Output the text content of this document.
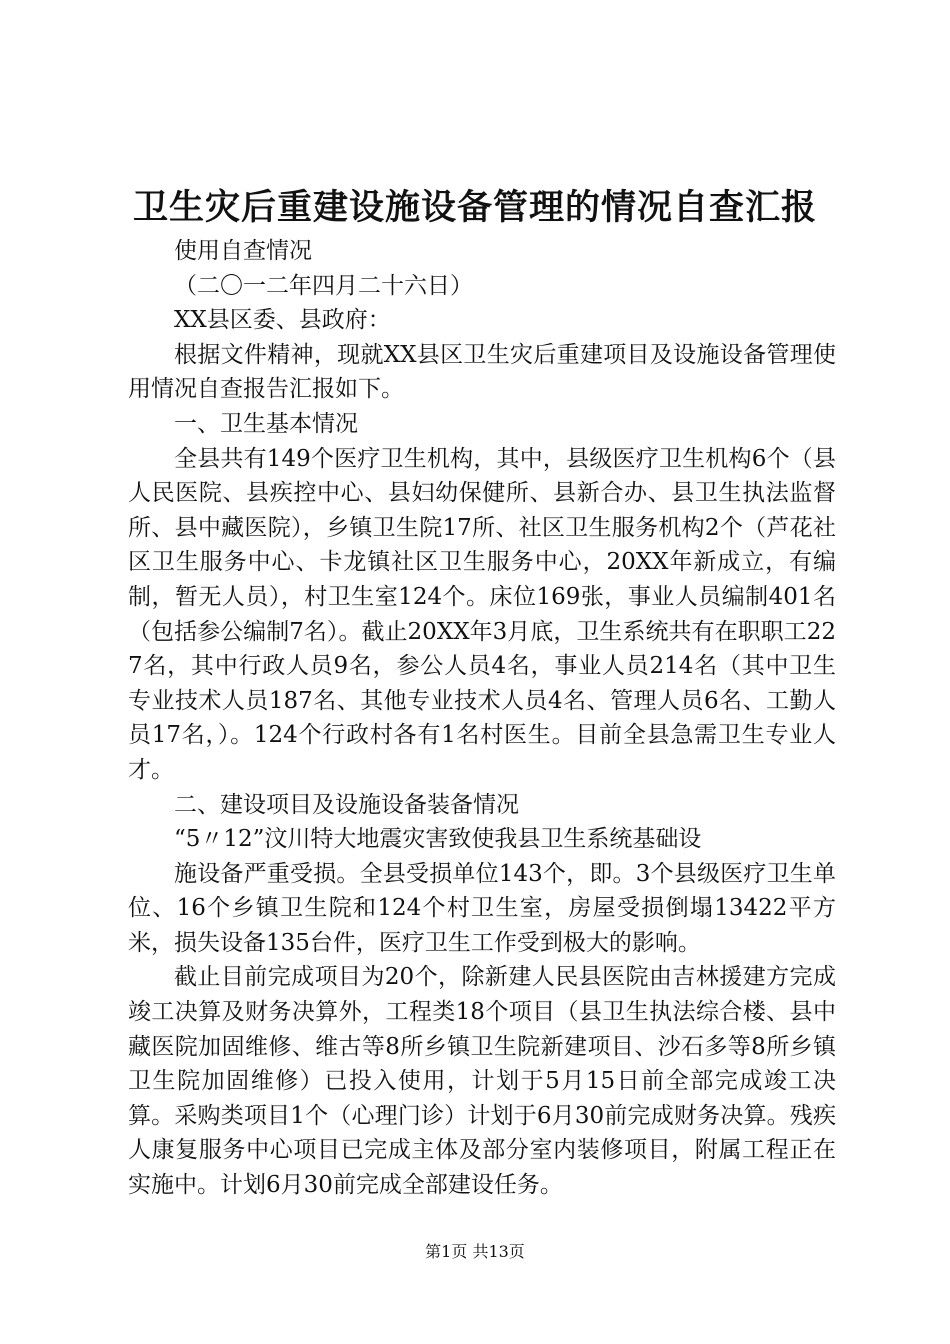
卫生灾后重建设施设备管理的情况自查汇报

使用自查情况

（二〇一二年四月二十六日）

XX县区委、县政府：

根据文件精神，现就XX县区卫生灾后重建项目及设施设备管理使用情况自查报告汇报如下。

一、卫生基本情况

全县共有149个医疗卫生机构，其中，县级医疗卫生机构6个（县人民医院、县疾控中心、县妇幼保健所、县新合办、县卫生执法监督所、县中藏医院），乡镇卫生院17所、社区卫生服务机构2个（芦花社区卫生服务中心、卡龙镇社区卫生服务中心，20XX年新成立，有编制，暂无人员），村卫生室124个。床位169张，事业人员编制401名（包括参公编制7名）。截止20XX年3月底，卫生系统共有在职职工227名，其中行政人员9名，参公人员4名，事业人员214名（其中卫生专业技术人员187名、其他专业技术人员4名、管理人员6名、工勤人员17名，）。124个行政村各有1名村医生。目前全县急需卫生专业人才。

二、建设项目及设施设备装备情况

“5〃12”汶川特大地震灾害致使我县卫生系统基础设

施设备严重受损。全县受损单位143个，即。3个县级医疗卫生单位、16个乡镇卫生院和124个村卫生室，房屋受损倒塌13422平方米，损失设备135台件，医疗卫生工作受到极大的影响。

截止目前完成项目为20个，除新建人民县医院由吉林援建方完成竣工决算及财务决算外，工程类18个项目（县卫生执法综合楼、县中藏医院加固维修、维古等8所乡镇卫生院新建项目、沙石多等8所乡镇卫生院加固维修）已投入使用，计划于5月15日前全部完成竣工决算。采购类项目1个（心理门诊）计划于6月30前完成财务决算。残疾人康复服务中心项目已完成主体及部分室内装修项目，附属工程正在实施中。计划6月30前完成全部建设任务。

第1页 共13页
